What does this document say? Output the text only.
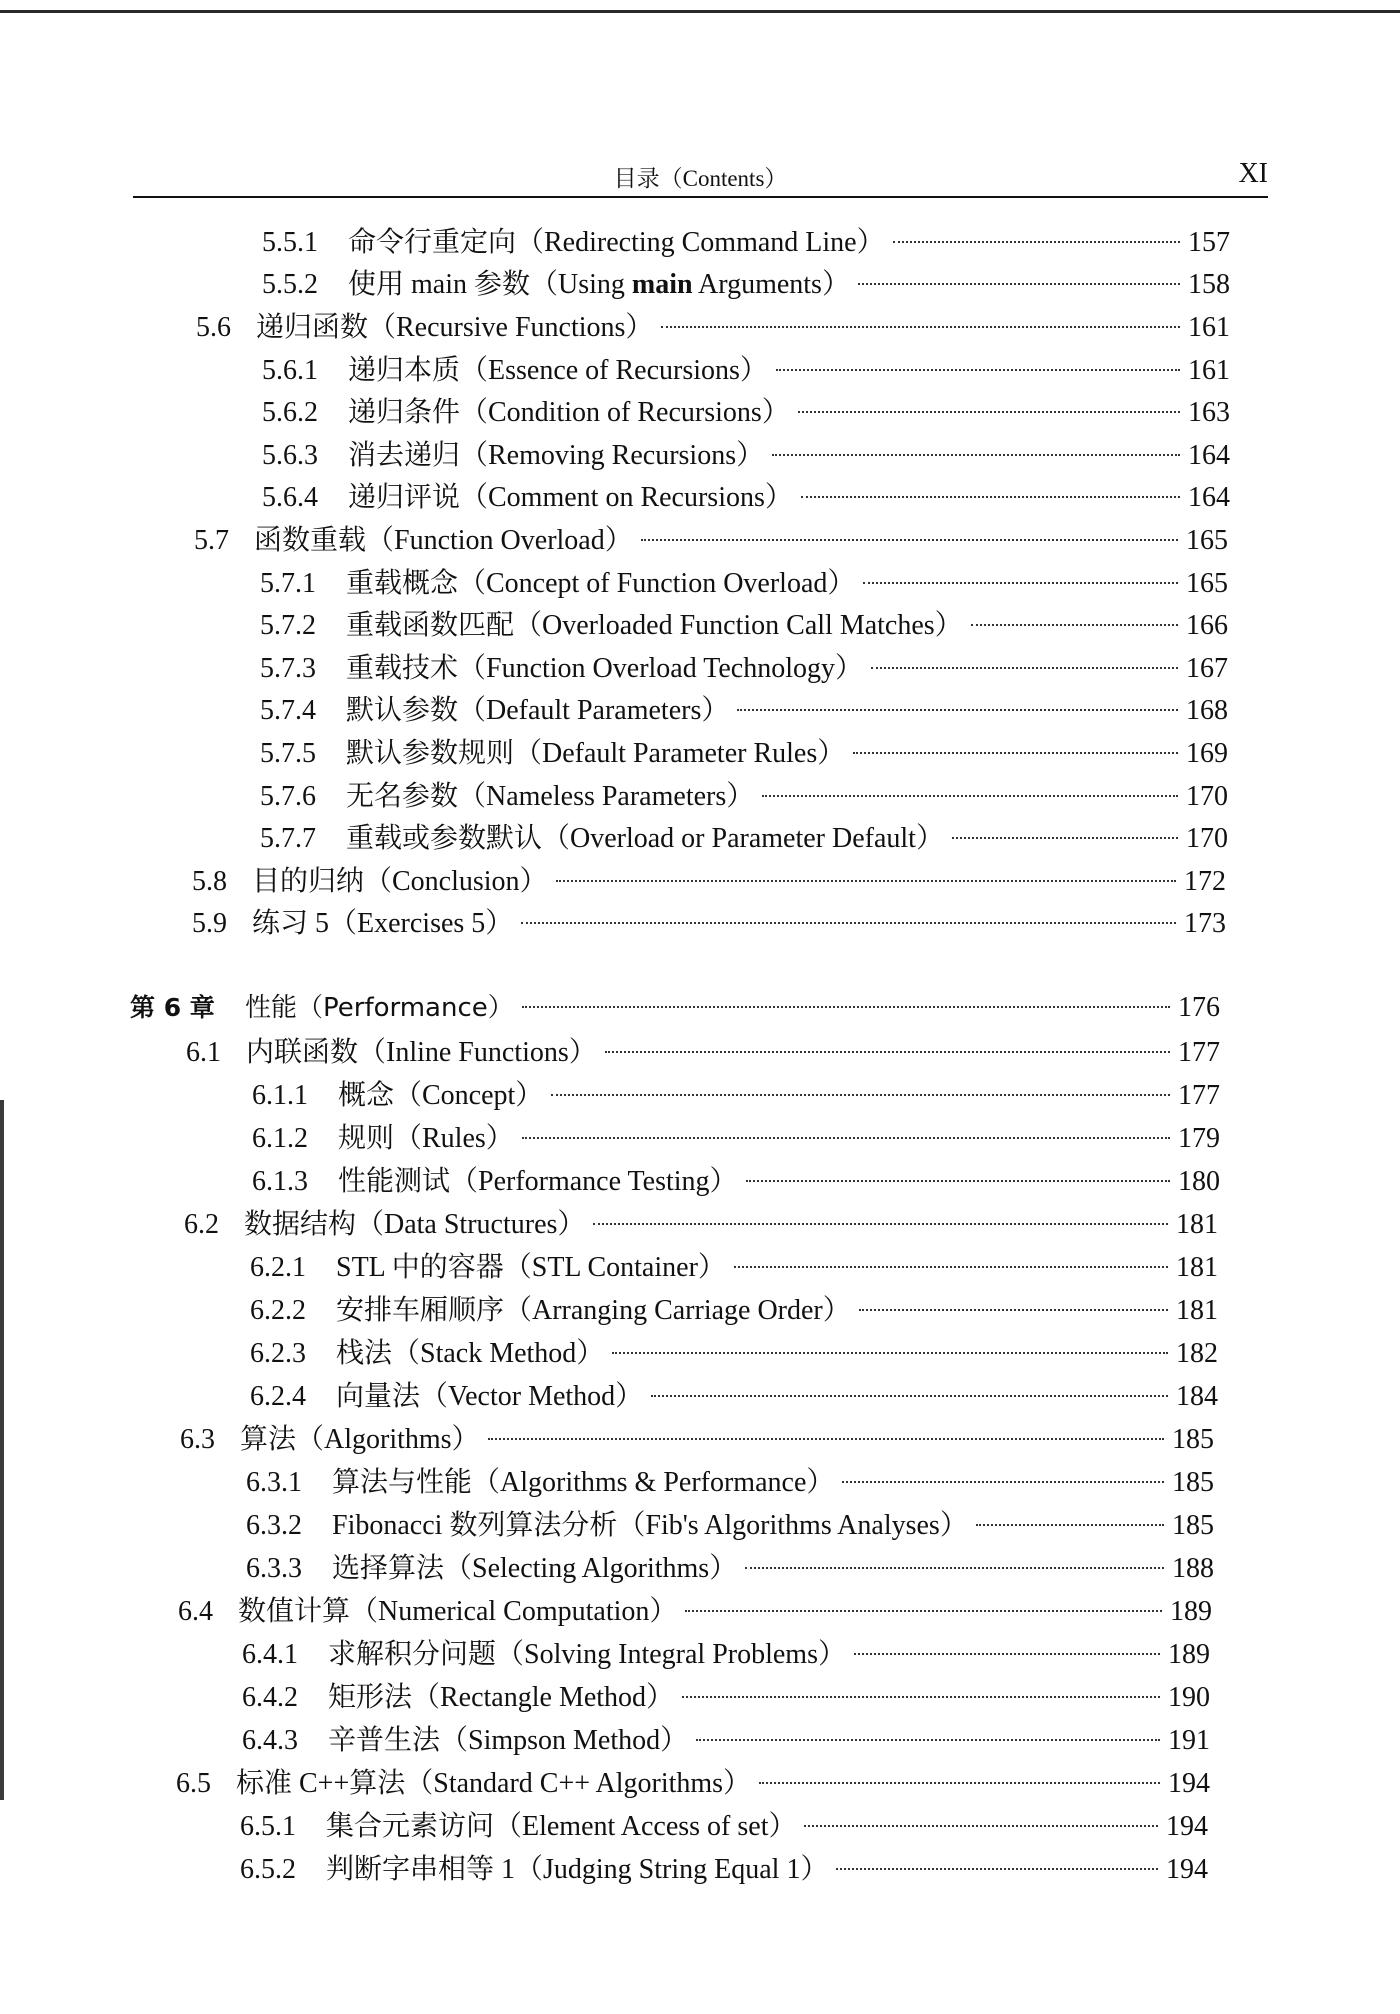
目录（Contents）	XI
5.5.1	命令行重定向（Redirecting Command Line）	157
5.5.2	使用 main 参数（Using main Arguments）	158
5.6 递归函数（Recursive Functions）	161
5.6.1	递归本质（Essence of Recursions）	161
5.6.2	递归条件（Condition of Recursions）	163
5.6.3	消去递归（Removing Recursions）	164
5.6.4	递归评说（Comment on Recursions）	164
5.7 函数重载（Function Overload）	165
5.7.1	重载概念（Concept of Function Overload）	165
5.7.2	重载函数匹配（Overloaded Function Call Matches）	166
5.7.3	重载技术（Function Overload Technology）	167
5.7.4	默认参数（Default Parameters）	168
5.7.5	默认参数规则（Default Parameter Rules）	169
5.7.6	无名参数（Nameless Parameters）	170
5.7.7	重载或参数默认（Overload or Parameter Default）	170
5.8 目的归纳（Conclusion）	172
5.9 练习 5（Exercises 5）	173
第 6 章	性能（Performance）	176
6.1 内联函数（Inline Functions）	177
6.1.1	概念（Concept）	177
6.1.2	规则（Rules）	179
6.1.3	性能测试（Performance Testing）	180
6.2 数据结构（Data Structures）	181
6.2.1	STL 中的容器（STL Container）	181
6.2.2	安排车厢顺序（Arranging Carriage Order）	181
6.2.3	栈法（Stack Method）	182
6.2.4	向量法（Vector Method）	184
6.3 算法（Algorithms）	185
6.3.1	算法与性能（Algorithms & Performance）	185
6.3.2	Fibonacci 数列算法分析（Fib's Algorithms Analyses）	185
6.3.3	选择算法（Selecting Algorithms）	188
6.4 数值计算（Numerical Computation）	189
6.4.1	求解积分问题（Solving Integral Problems）	189
6.4.2	矩形法（Rectangle Method）	190
6.4.3	辛普生法（Simpson Method）	191
6.5 标准 C++算法（Standard C++ Algorithms）	194
6.5.1	集合元素访问（Element Access of set）	194
6.5.2	判断字串相等 1（Judging String Equal 1）	194
